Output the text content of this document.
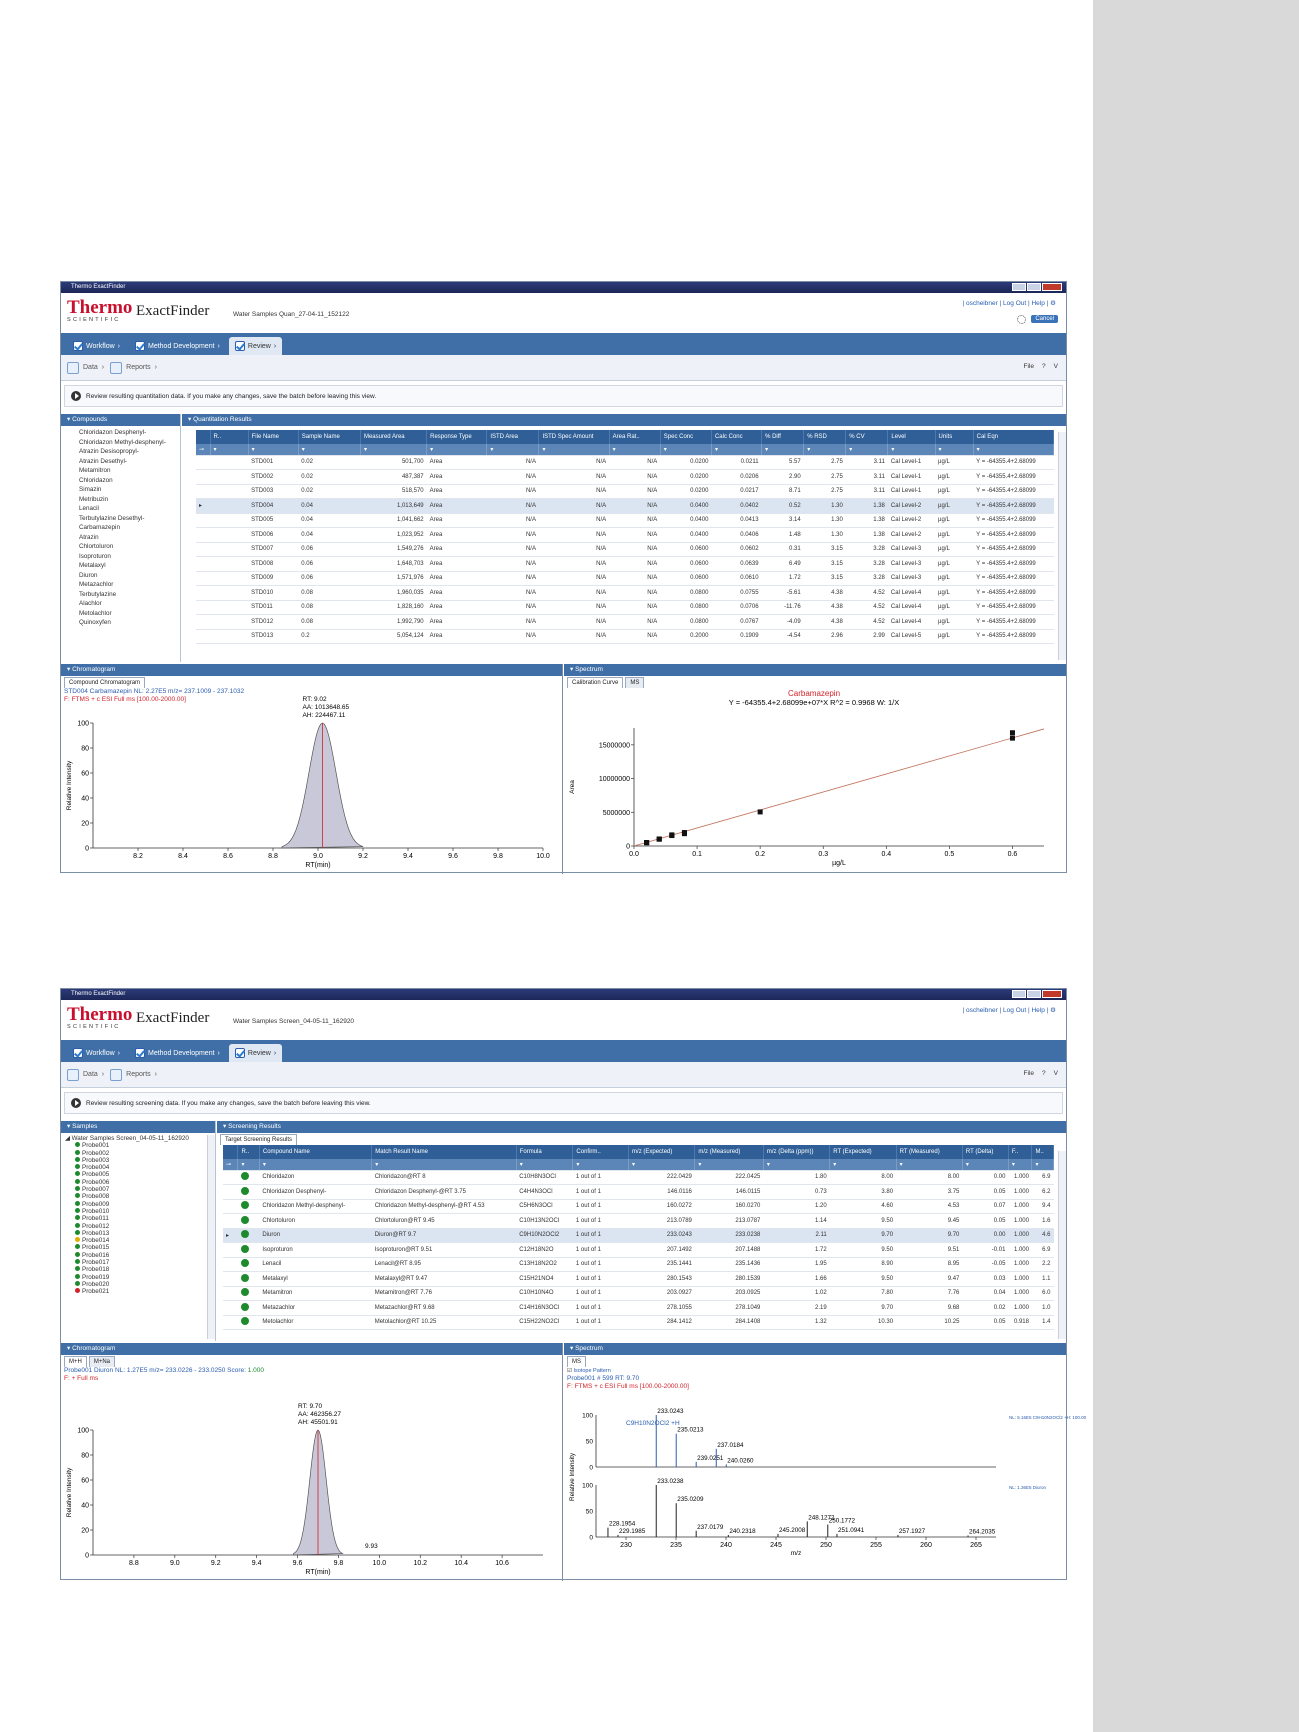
Thermo ExactFinder
Thermo
SCIENTIFIC
ExactFinder	Water Samples Quan_27-04-11_152122
| oscheibner | Log Out | Help | ⚙
Cancel
Workflow ›	Method Development ›	Review ›
Data ›	Reports ›	File ? V
Review resulting quantitation data. If you make any changes, save the batch before leaving this view.
▾ Compounds
Chloridazon Desphenyl-
Chloridazon Methyl-desphenyl-
Atrazin Desisopropyl-
Atrazin Desethyl-
Metamitron
Chloridazon
Simazin
Metribuzin
Lenacil
Terbutylazine Desethyl-
Carbamazepin
Atrazin
Chlortoluron
Isoproturon
Metalaxyl
Diuron
Metazachlor
Terbutylazine
Alachlor
Metolachlor
Quinoxyfen
▾ Quantitation Results
	R..	File Name	Sample Name	Measured Area	Response Type	ISTD Area	ISTD Spec Amount	Area Rat..	Spec Conc	Calc Conc	% Diff	% RSD	% CV	Level	Units	Cal Eqn
⊸	▾	▾	▾	▾	▾	▾	▾	▾	▾	▾	▾	▾	▾	▾	▾	▾
		STD001	0.02	501,700	Area	N/A	N/A	N/A	0.0200	0.0211	5.57	2.75	3.11	Cal Level-1	µg/L	Y = -64355.4+2.68099
		STD002	0.02	487,387	Area	N/A	N/A	N/A	0.0200	0.0206	2.90	2.75	3.11	Cal Level-1	µg/L	Y = -64355.4+2.68099
		STD003	0.02	518,570	Area	N/A	N/A	N/A	0.0200	0.0217	8.71	2.75	3.11	Cal Level-1	µg/L	Y = -64355.4+2.68099
▸		STD004	0.04	1,013,649	Area	N/A	N/A	N/A	0.0400	0.0402	0.52	1.30	1.38	Cal Level-2	µg/L	Y = -64355.4+2.68099
		STD005	0.04	1,041,662	Area	N/A	N/A	N/A	0.0400	0.0413	3.14	1.30	1.38	Cal Level-2	µg/L	Y = -64355.4+2.68099
		STD006	0.04	1,023,952	Area	N/A	N/A	N/A	0.0400	0.0406	1.48	1.30	1.38	Cal Level-2	µg/L	Y = -64355.4+2.68099
		STD007	0.06	1,549,276	Area	N/A	N/A	N/A	0.0600	0.0602	0.31	3.15	3.28	Cal Level-3	µg/L	Y = -64355.4+2.68099
		STD008	0.06	1,648,703	Area	N/A	N/A	N/A	0.0600	0.0639	6.49	3.15	3.28	Cal Level-3	µg/L	Y = -64355.4+2.68099
		STD009	0.06	1,571,976	Area	N/A	N/A	N/A	0.0600	0.0610	1.72	3.15	3.28	Cal Level-3	µg/L	Y = -64355.4+2.68099
		STD010	0.08	1,960,035	Area	N/A	N/A	N/A	0.0800	0.0755	-5.61	4.38	4.52	Cal Level-4	µg/L	Y = -64355.4+2.68099
		STD011	0.08	1,828,160	Area	N/A	N/A	N/A	0.0800	0.0706	-11.76	4.38	4.52	Cal Level-4	µg/L	Y = -64355.4+2.68099
		STD012	0.08	1,992,790	Area	N/A	N/A	N/A	0.0800	0.0767	-4.09	4.38	4.52	Cal Level-4	µg/L	Y = -64355.4+2.68099
		STD013	0.2	5,054,124	Area	N/A	N/A	N/A	0.2000	0.1909	-4.54	2.96	2.99	Cal Level-5	µg/L	Y = -64355.4+2.68099
▾ Chromatogram
Compound Chromatogram
STD004 Carbamazepin NL: 2.27E5 m/z= 237.1009 - 237.1032
F: FTMS + c ESI Full ms [100.00-2000.00]
8.2	8.4	8.6	8.8	9.0	9.2	9.4	9.6	9.8	10.0
0
20
40
60
80
100
RT(min)
Relative Intensity
RT: 9.02
AA: 1013648.65
AH: 224467.11
▾ Spectrum
Calibration Curve	MS
Carbamazepin
Y = -64355.4+2.68099e+07*X R^2 = 0.9968 W: 1/X
0.0	0.1	0.2	0.3	0.4	0.5	0.6
0
5000000
10000000
15000000
µg/L
Area
Thermo ExactFinder
Thermo
SCIENTIFIC
ExactFinder	Water Samples Screen_04-05-11_162920
| oscheibner | Log Out | Help | ⚙
Workflow ›	Method Development ›	Review ›
Data ›	Reports ›	File ? V
Review resulting screening data. If you make any changes, save the batch before leaving this view.
▾ Samples
◢ Water Samples Screen_04-05-11_162920
Probe001
Probe002
Probe003
Probe004
Probe005
Probe006
Probe007
Probe008
Probe009
Probe010
Probe011
Probe012
Probe013
Probe014
Probe015
Probe016
Probe017
Probe018
Probe019
Probe020
Probe021
▾ Screening Results
Target Screening Results
	R..	Compound Name	Match Result Name	Formula	Confirm..	m/z (Expected)	m/z (Measured)	m/z (Delta (ppm))	RT (Expected)	RT (Measured)	RT (Delta)	F..	M..
⊸	▾	▾	▾	▾	▾	▾	▾	▾	▾	▾	▾	▾	▾
		Chloridazon	Chloridazon@RT 8	C10H8N3OCl	1 out of 1	222.0429	222.0425	1.80	8.00	8.00	0.00	1.000	6.9
		Chloridazon Desphenyl-	Chloridazon Desphenyl-@RT 3.75	C4H4N3OCl	1 out of 1	146.0116	146.0115	0.73	3.80	3.75	0.05	1.000	6.2
		Chloridazon Methyl-desphenyl-	Chloridazon Methyl-desphenyl-@RT 4.53	C5H6N3OCl	1 out of 1	160.0272	160.0270	1.20	4.60	4.53	0.07	1.000	9.4
		Chlortoluron	Chlortoluron@RT 9.45	C10H13N2OCl	1 out of 1	213.0789	213.0787	1.14	9.50	9.45	0.05	1.000	1.6
▸		Diuron	Diuron@RT 9.7	C9H10N2OCl2	1 out of 1	233.0243	233.0238	2.11	9.70	9.70	0.00	1.000	4.6
		Isoproturon	Isoproturon@RT 9.51	C12H18N2O	1 out of 1	207.1492	207.1488	1.72	9.50	9.51	-0.01	1.000	6.9
		Lenacil	Lenacil@RT 8.95	C13H18N2O2	1 out of 1	235.1441	235.1436	1.95	8.90	8.95	-0.05	1.000	2.2
		Metalaxyl	Metalaxyl@RT 9.47	C15H21NO4	1 out of 1	280.1543	280.1539	1.66	9.50	9.47	0.03	1.000	1.1
		Metamitron	Metamitron@RT 7.76	C10H10N4O	1 out of 1	203.0927	203.0925	1.02	7.80	7.76	0.04	1.000	6.0
		Metazachlor	Metazachlor@RT 9.68	C14H16N3OCl	1 out of 1	278.1055	278.1049	2.19	9.70	9.68	0.02	1.000	1.0
		Metolachlor	Metolachlor@RT 10.25	C15H22NO2Cl	1 out of 1	284.1412	284.1408	1.32	10.30	10.25	0.05	0.918	1.4
▾ Chromatogram
M+H	M+Na
Probe001 Diuron NL: 1.27E5 m/z= 233.0226 - 233.0250 Score: 1.000
F: + Full ms
8.8	9.0	9.2	9.4	9.6	9.8	10.0	10.2	10.4	10.6
0
20
40
60
80
100
RT(min)
Relative Intensity
RT: 9.70
AA: 462356.27
AH: 45501.91
9.93
▾ Spectrum
MS
☑ Isotope Pattern
Probe001 # 599 RT: 9.70
F: FTMS + c ESI Full ms [100.00-2000.00]
0
50
100
233.0243
235.0213
239.0251
237.0184
240.0260
0
50
100
233.0238
235.0209
228.1954
229.1985
237.0179
240.2318	245.2008
248.1272
250.1772
251.0941	257.1927	264.2035
C9H10N2OCl2 +H
NL: 5.16E5 C9H10N2OCl2 +H: 100.00
NL: 1.36E5 Diuron
230	235	240	245	250	255	260	265
m/z
Relative Intensity
